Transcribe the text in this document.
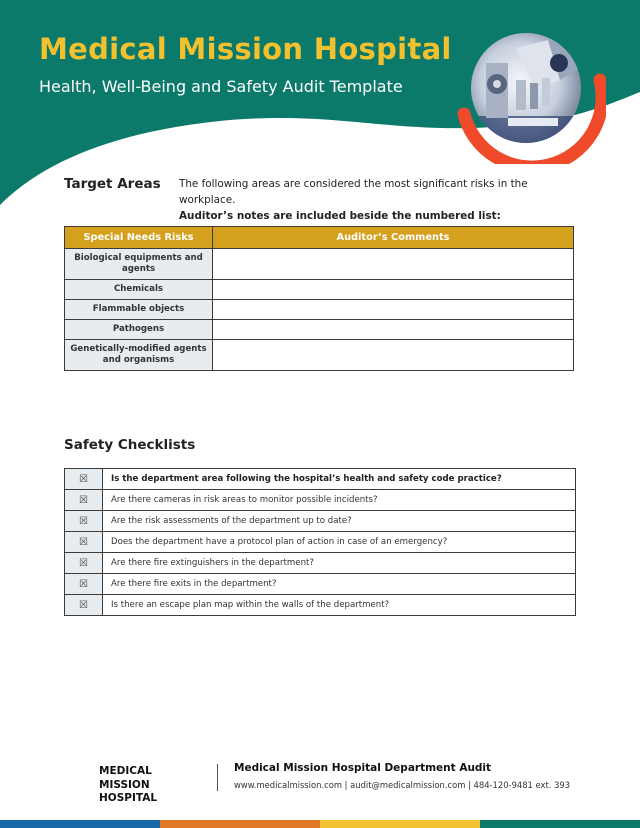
Medical Mission Hospital

Health, Well-Being and Safety Audit Template

Target Areas The following areas are considered the most significant risks in the workplace.
Auditor’s notes are included beside the numbered list:
Special Needs Risks	Auditor’s Comments
Biological equipments and agents	
Chemicals	
Flammable objects	
Pathogens	
Genetically-modified agents and organisms	
Safety Checklists
☒	Is the department area following the hospital’s health and safety code practice?
☒	Are there cameras in risk areas to monitor possible incidents?
☒	Are the risk assessments of the department up to date?
☒	Does the department have a protocol plan of action in case of an emergency?
☒	Are there fire extinguishers in the department?
☒	Are there fire exits in the department?
☒	Is there an escape plan map within the walls of the department?
MEDICAL
MISSION
HOSPITAL
Medical Mission Hospital Department Audit
www.medicalmission.com | audit@medicalmission.com | 484-120-9481 ext. 393
